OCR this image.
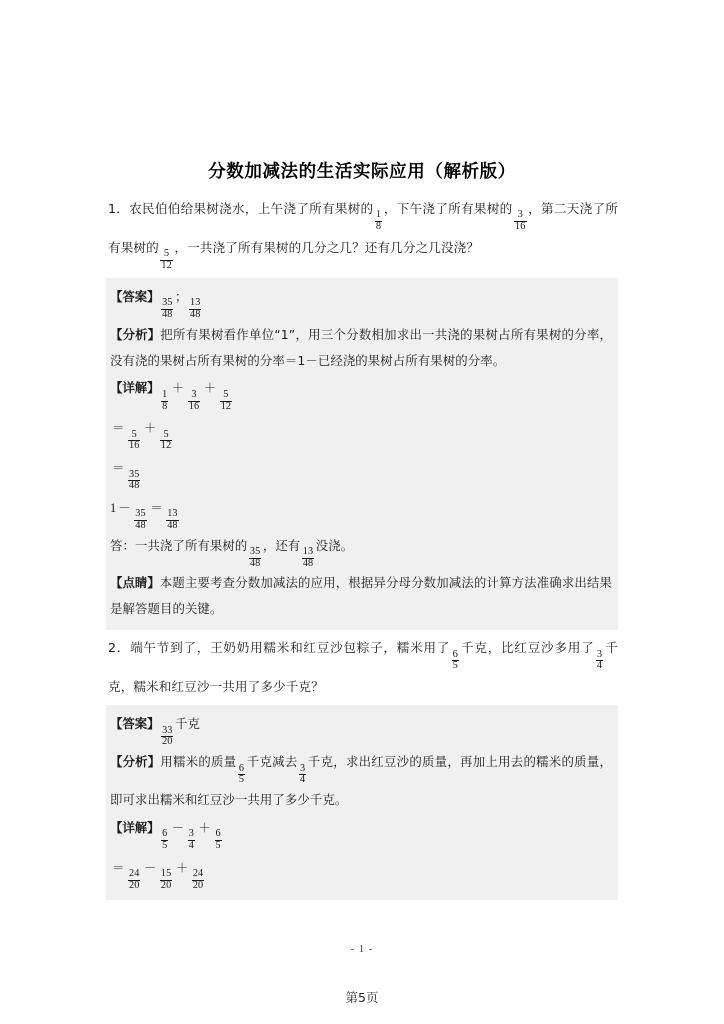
分数加减法的生活实际应用（解析版）
1．农民伯伯给果树浇水，上午浇了所有果树的
$\frac{1}{8}$
，下午浇了所有果树的
$\frac{3}{16}$
，第二天浇了所有果树的
$\frac{5}{12}$
，一共浇了所有果树的几分之几？还有几分之几没浇？
【答案】
$\frac{35}{48}$
；
$\frac{13}{48}$
【分析】把所有果树看作单位“1”，用三个分数相加求出一共浇的果树占所有果树的分率，没有浇的果树占所有果树的分率＝1－已经浇的果树占所有果树的分率。
【详解】
$\frac{1}{8}$
＋
$\frac{3}{16}$
＋
$\frac{5}{12}$
＝
$\frac{5}{16}$
＋
$\frac{5}{12}$
＝
$\frac{35}{48}$
1 －
$\frac{35}{48}$
＝
$\frac{13}{48}$
答：一共浇了所有果树的
$\frac{35}{48}$
，还有
$\frac{13}{48}$
没浇。
【点睛】本题主要考查分数加减法的应用，根据异分母分数加减法的计算方法准确求出结果是解答题目的关键。
2．端午节到了，王奶奶用糯米和红豆沙包粽子，糯米用了
$\frac{6}{5}$
千克，比红豆沙多用了
$\frac{3}{4}$
千克，糯米和红豆沙一共用了多少千克？
【答案】
$\frac{33}{20}$
千克
【分析】用糯米的质量
$\frac{6}{5}$
千克减去
$\frac{3}{4}$
千克，求出红豆沙的质量，再加上用去的糯米的质量，即可求出糯米和红豆沙一共用了多少千克。
【详解】
$\frac{6}{5}$
－
$\frac{3}{4}$
＋
$\frac{6}{5}$
＝
$\frac{24}{20}$
－
$\frac{15}{20}$
＋
$\frac{24}{20}$
- 1 -
第5页
